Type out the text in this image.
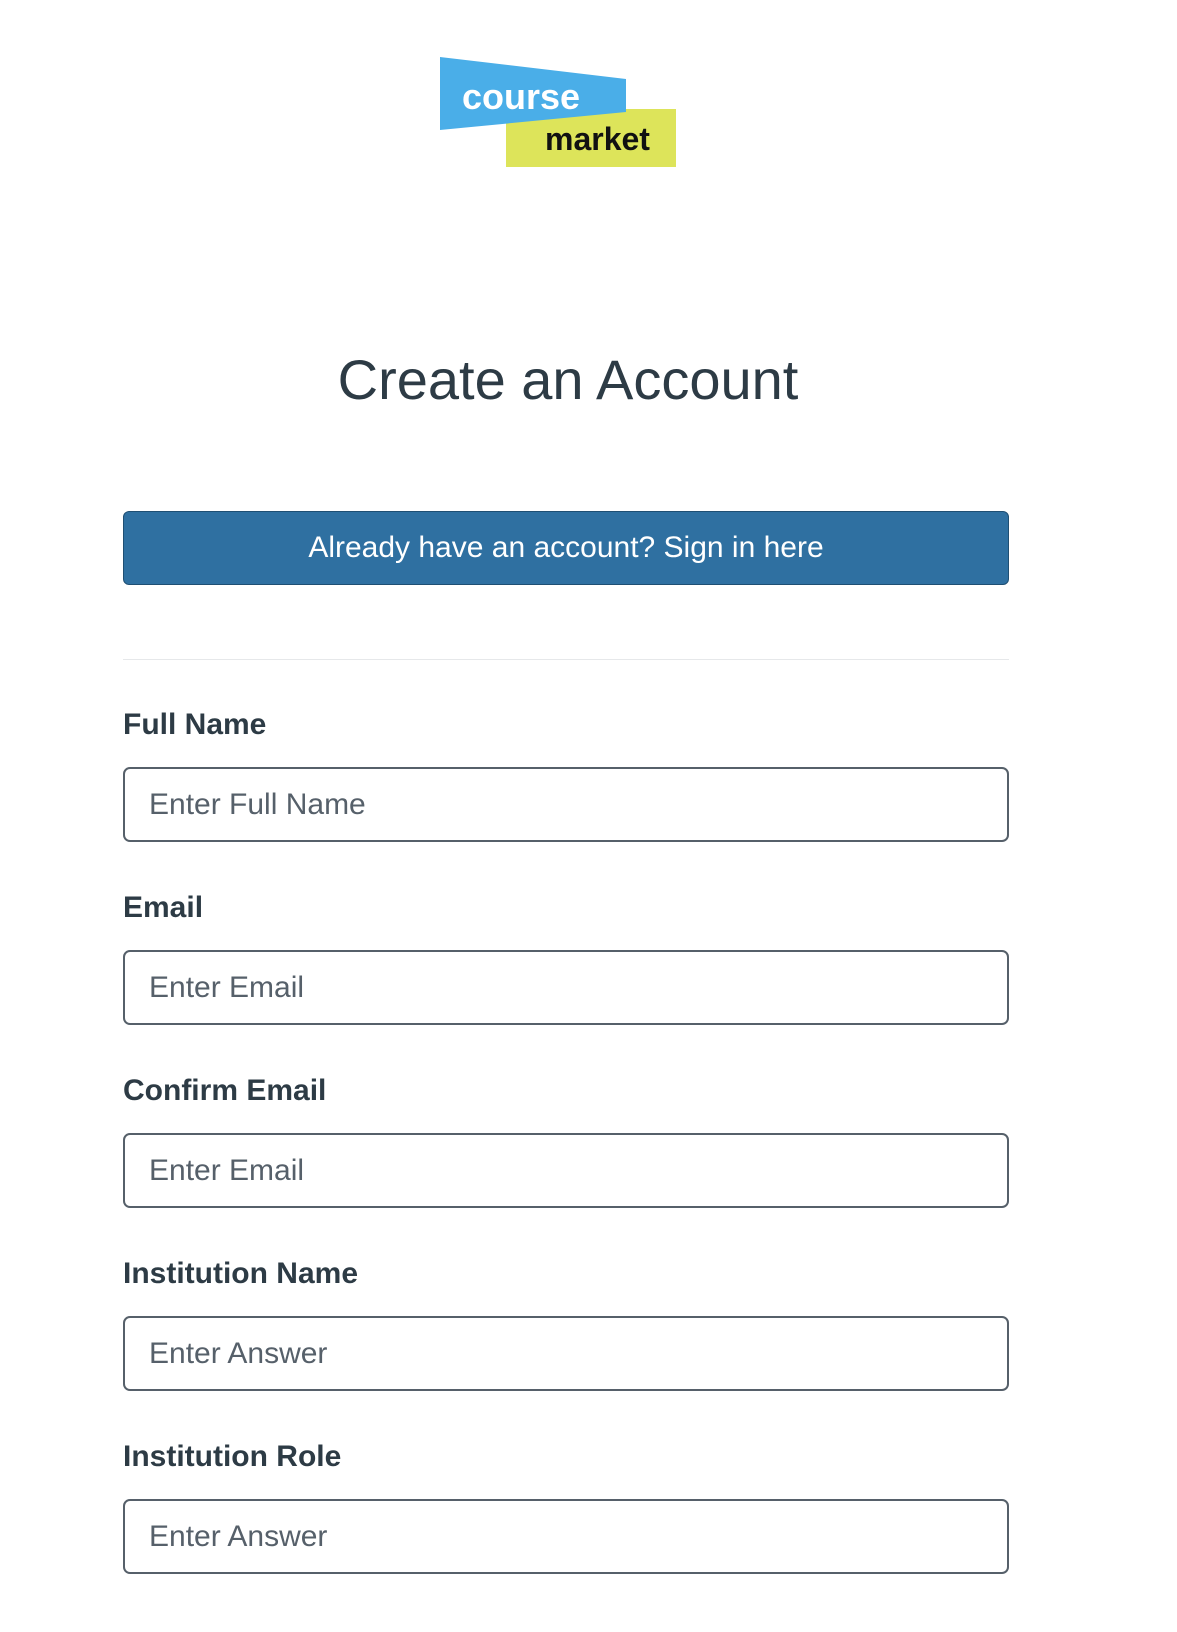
course
market
Create an Account
Already have an account? Sign in here
Full Name
Enter Full Name
Email
Enter Email
Confirm Email
Enter Email
Institution Name
Enter Answer
Institution Role
Enter Answer
